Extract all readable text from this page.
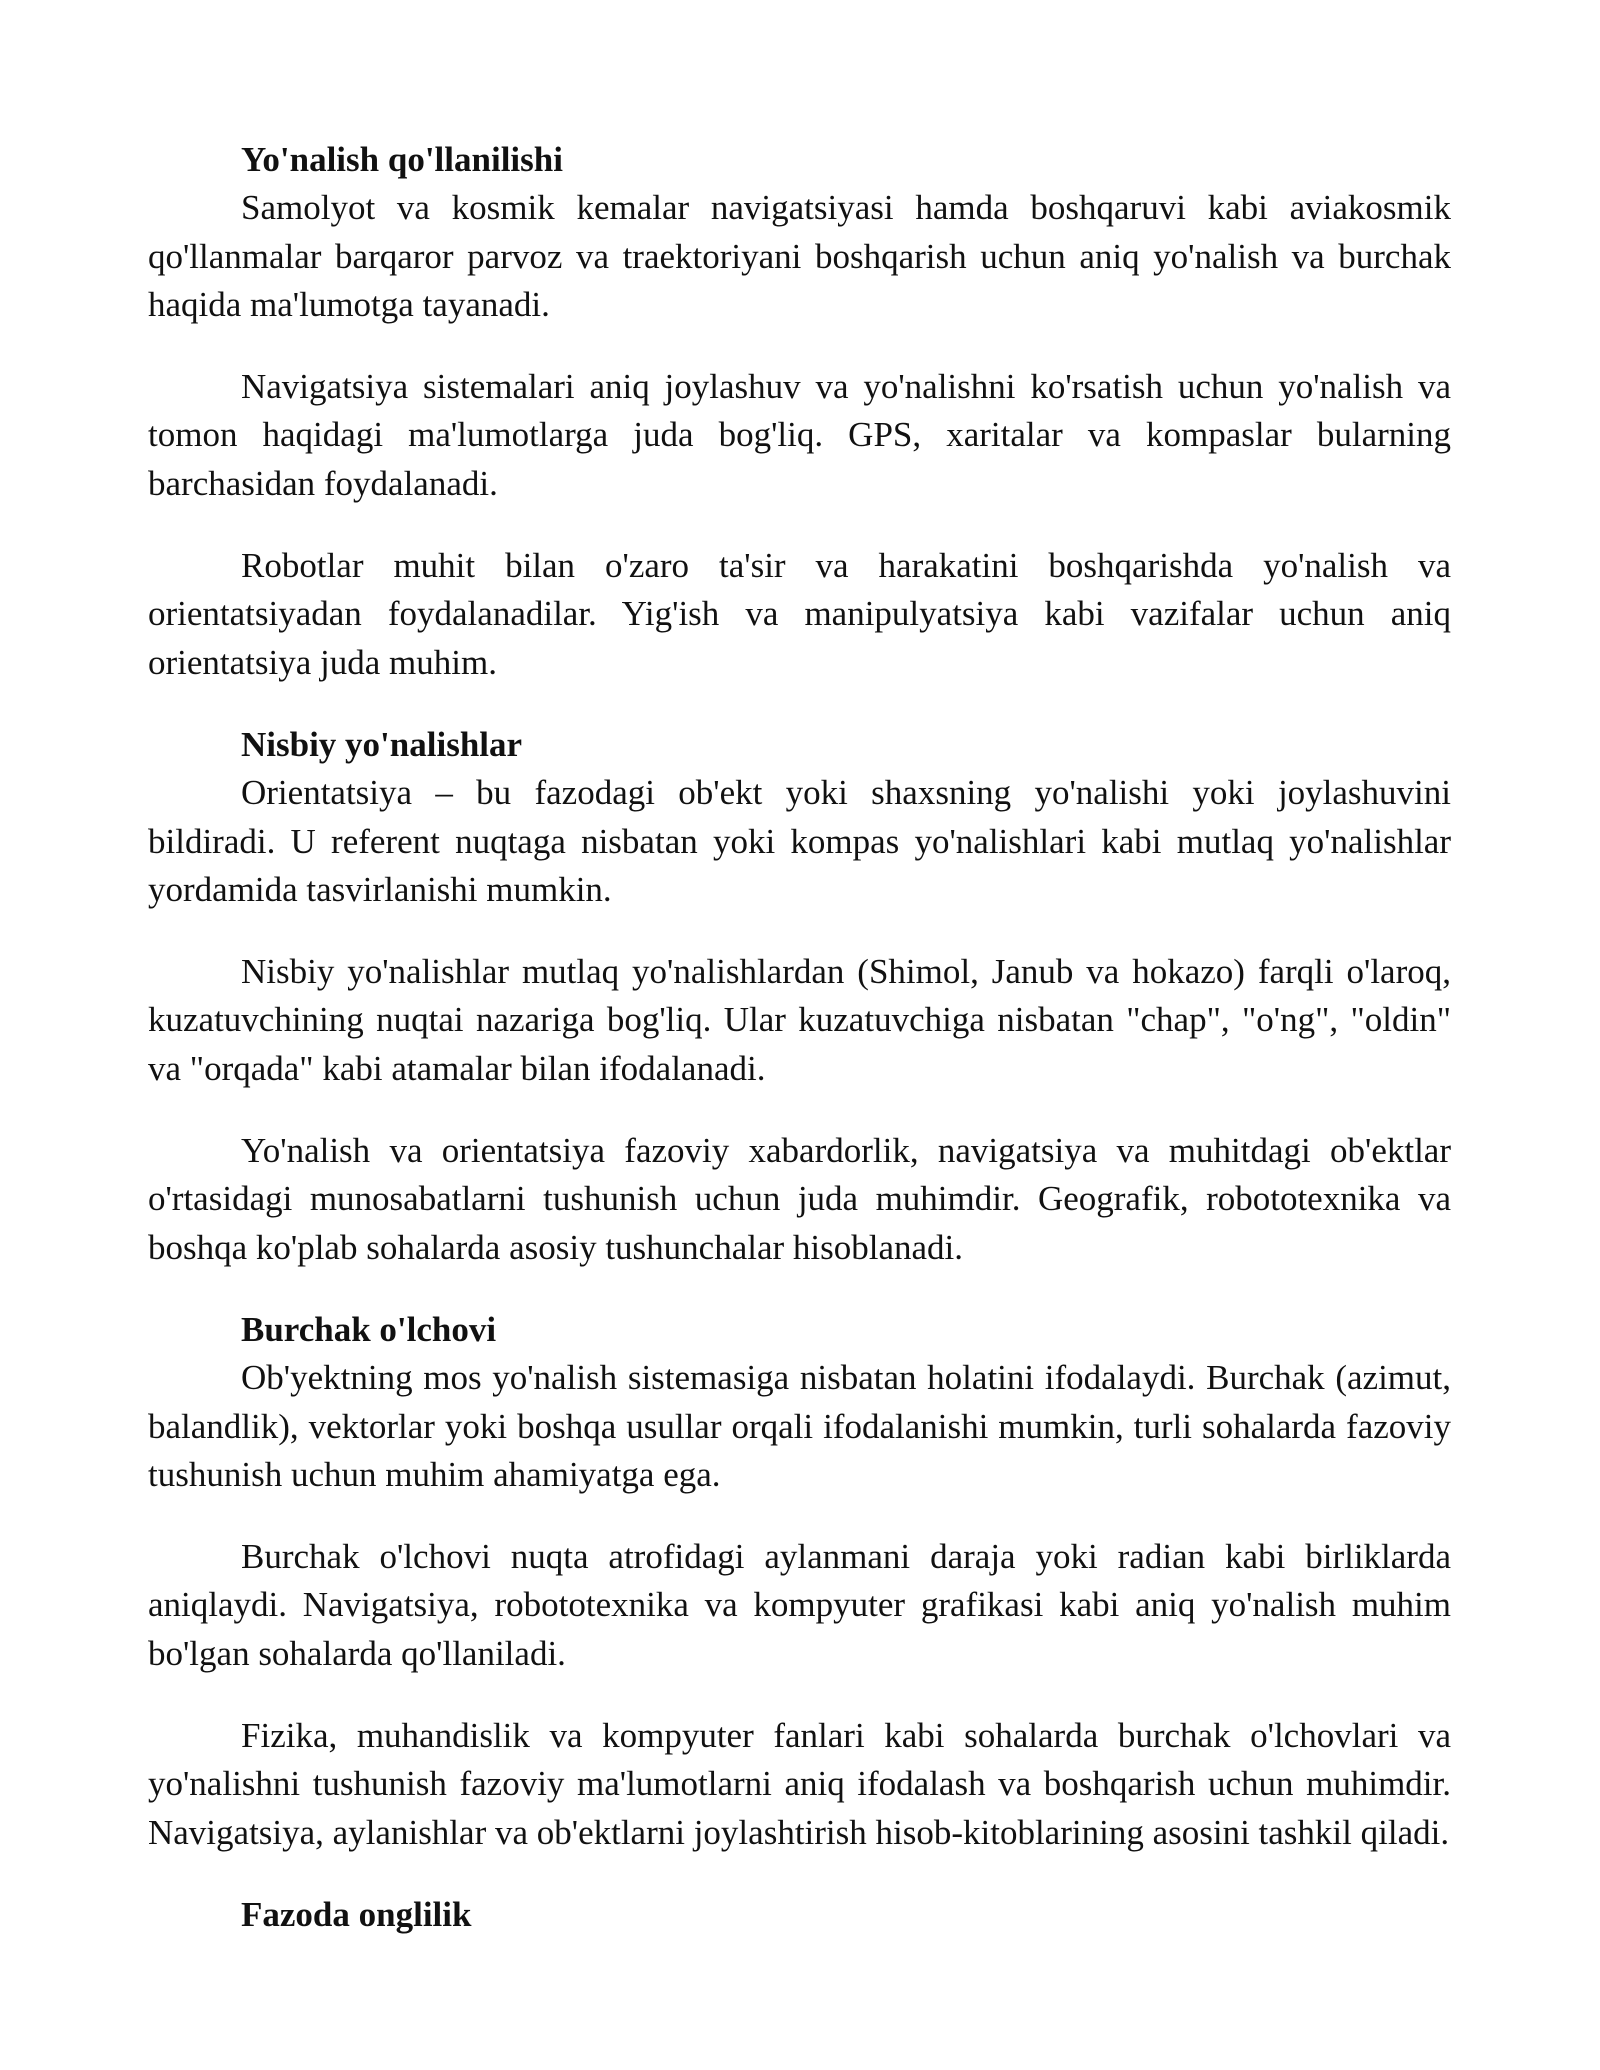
Yo'nalish qo'llanilishi

Samolyot va kosmik kemalar navigatsiyasi hamda boshqaruvi kabi aviakosmik qo'llanmalar barqaror parvoz va traektoriyani boshqarish uchun aniq yo'nalish va burchak haqida ma'lumotga tayanadi.

Navigatsiya sistemalari aniq joylashuv va yo'nalishni ko'rsatish uchun yo'nalish va tomon haqidagi ma'lumotlarga juda bog'liq. GPS, xaritalar va kompaslar bularning barchasidan foydalanadi.

Robotlar muhit bilan o'zaro ta'sir va harakatini boshqarishda yo'nalish va orientatsiyadan foydalanadilar. Yig'ish va manipulyatsiya kabi vazifalar uchun aniq orientatsiya juda muhim.

Nisbiy yo'nalishlar

Orientatsiya – bu fazodagi ob'ekt yoki shaxsning yo'nalishi yoki joylashuvini bildiradi. U referent nuqtaga nisbatan yoki kompas yo'nalishlari kabi mutlaq yo'nalishlar yordamida tasvirlanishi mumkin.

Nisbiy yo'nalishlar mutlaq yo'nalishlardan (Shimol, Janub va hokazo) farqli o'laroq, kuzatuvchining nuqtai nazariga bog'liq. Ular kuzatuvchiga nisbatan "chap", "o'ng", "oldin" va "orqada" kabi atamalar bilan ifodalanadi.

Yo'nalish va orientatsiya fazoviy xabardorlik, navigatsiya va muhitdagi ob'ektlar o'rtasidagi munosabatlarni tushunish uchun juda muhimdir. Geografik, robototexnika va boshqa ko'plab sohalarda asosiy tushunchalar hisoblanadi.

Burchak o'lchovi

Ob'yektning mos yo'nalish sistemasiga nisbatan holatini ifodalaydi. Burchak (azimut, balandlik), vektorlar yoki boshqa usullar orqali ifodalanishi mumkin, turli sohalarda fazoviy tushunish uchun muhim ahamiyatga ega.

Burchak o'lchovi nuqta atrofidagi aylanmani daraja yoki radian kabi birliklarda aniqlaydi. Navigatsiya, robototexnika va kompyuter grafikasi kabi aniq yo'nalish muhim bo'lgan sohalarda qo'llaniladi.

Fizika, muhandislik va kompyuter fanlari kabi sohalarda burchak o'lchovlari va yo'nalishni tushunish fazoviy ma'lumotlarni aniq ifodalash va boshqarish uchun muhimdir. Navigatsiya, aylanishlar va ob'ektlarni joylashtirish hisob-kitoblarining asosini tashkil qiladi.

Fazoda onglilik
